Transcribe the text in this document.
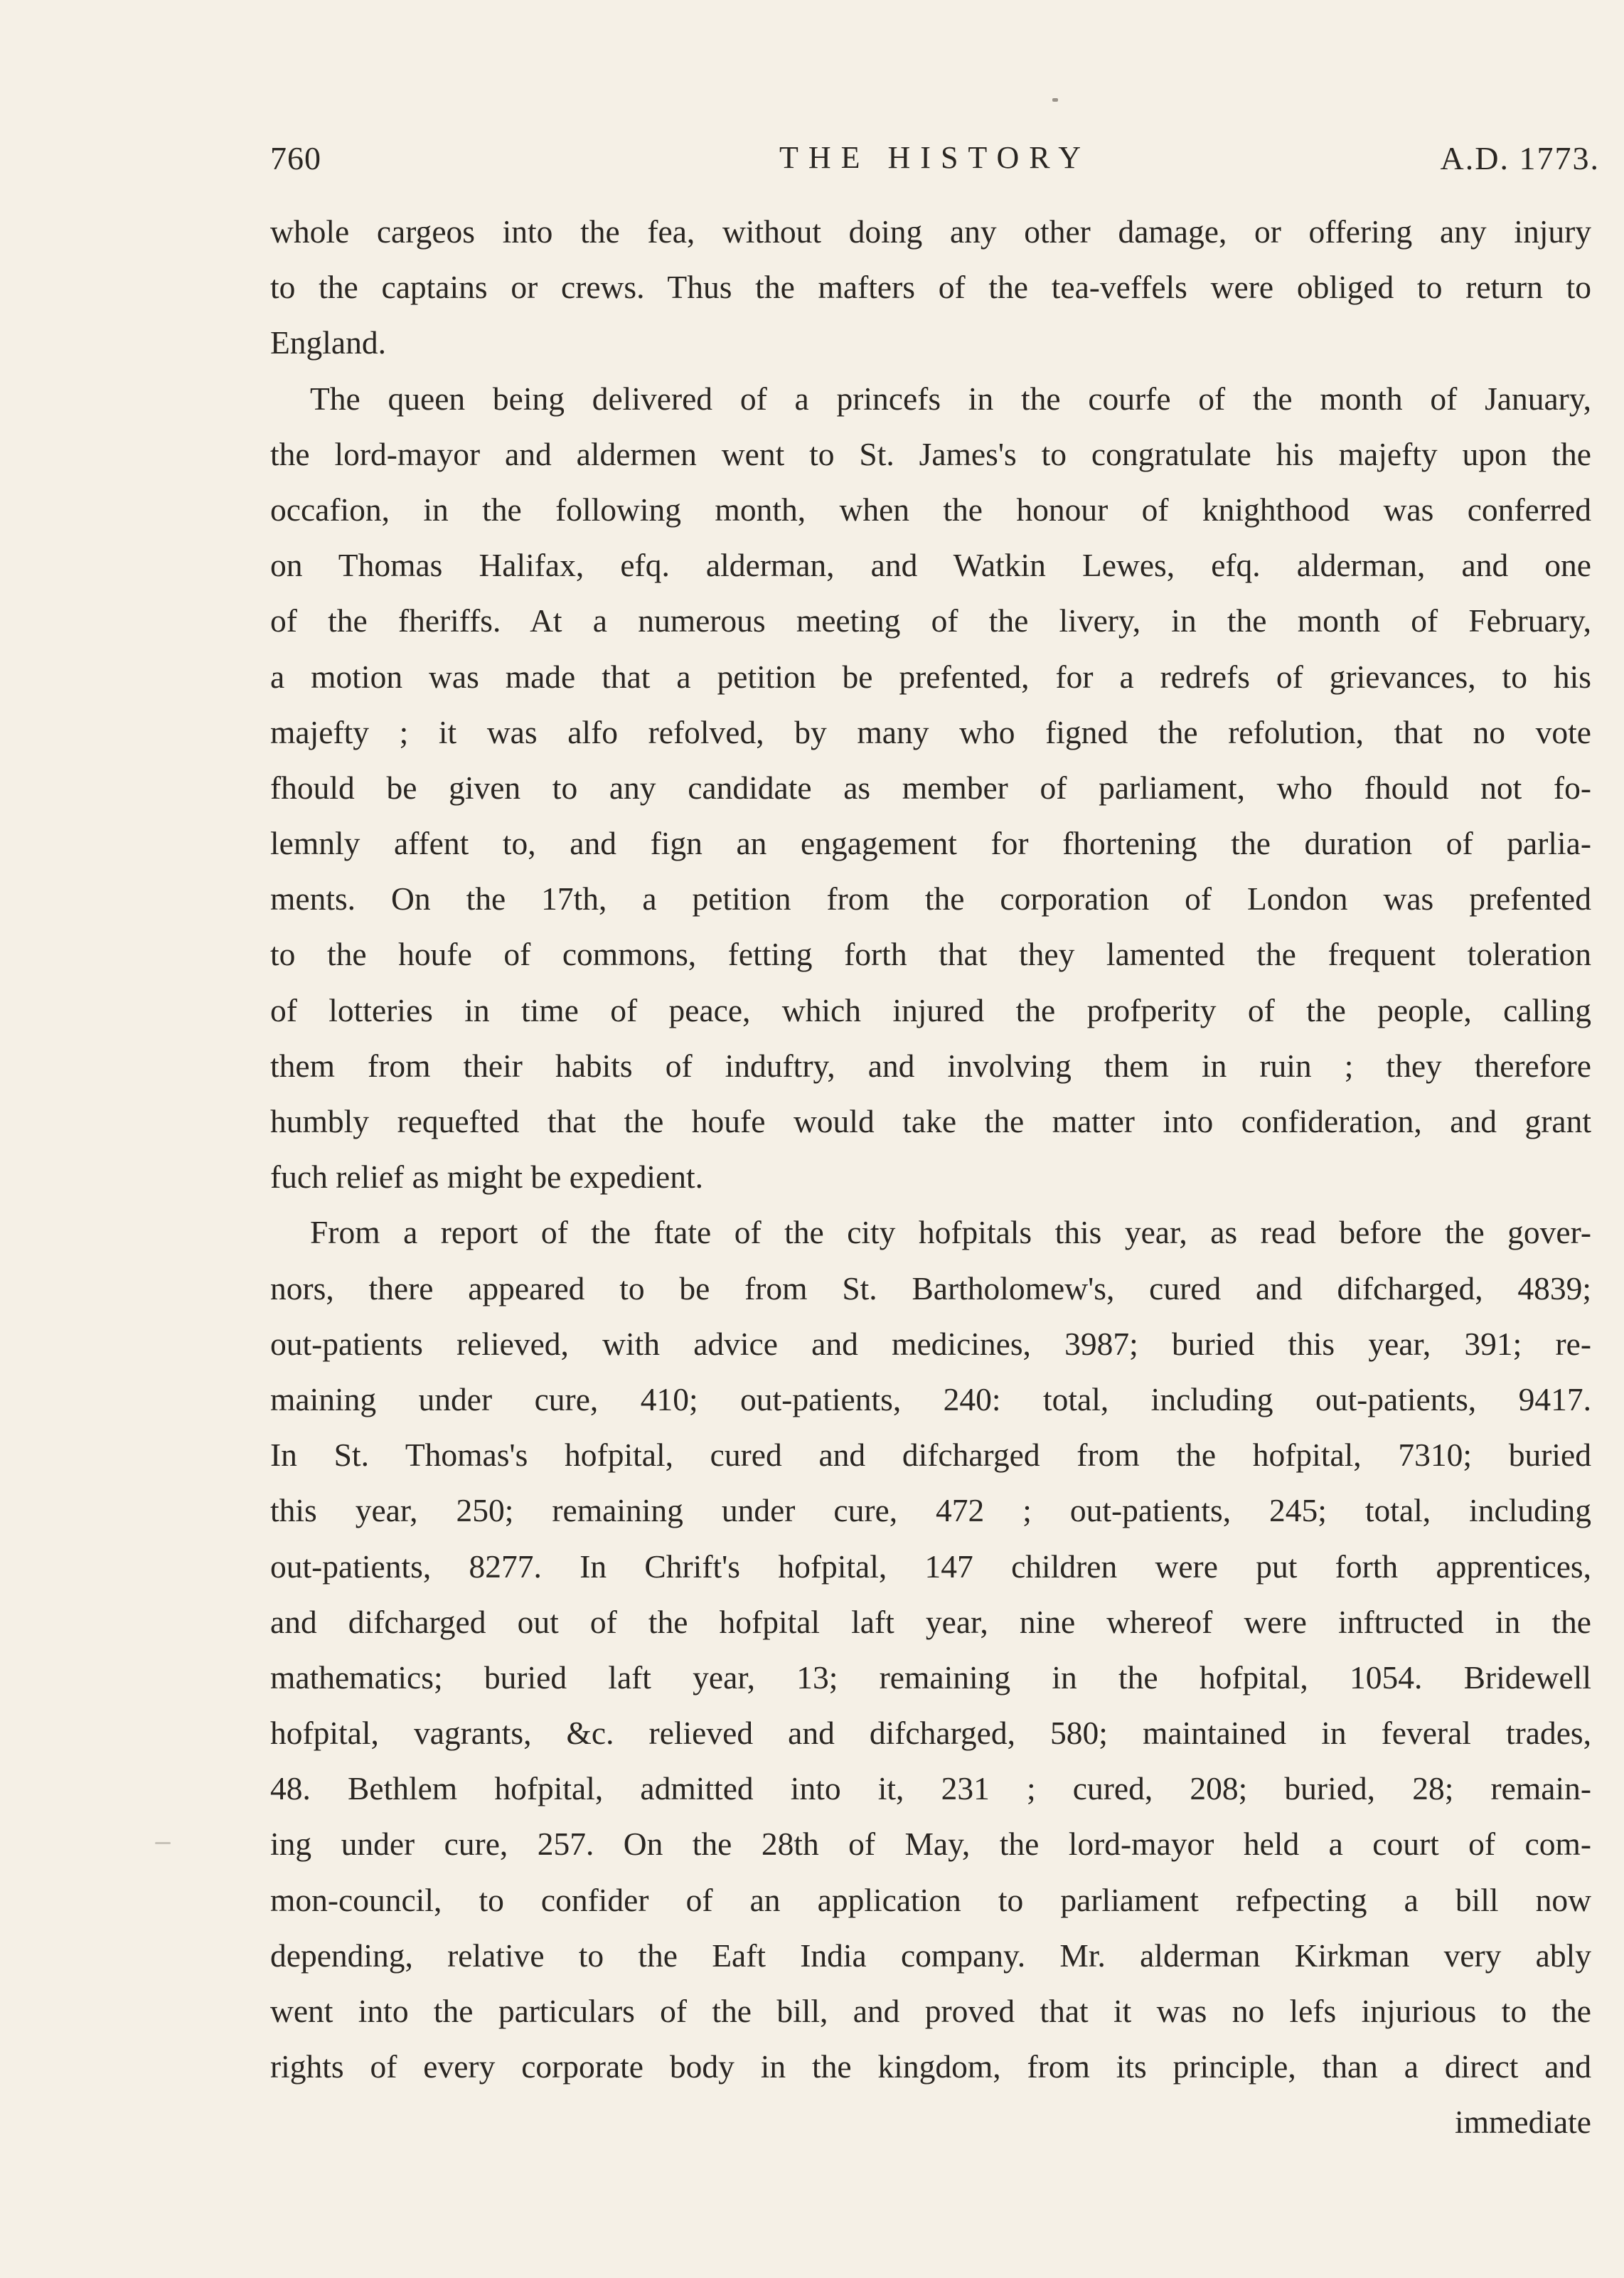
760	THE HISTORY	A.D. 1773.
whole cargeos into the fea, without doing any other damage, or offering any injury
to the captains or crews. Thus the mafters of the tea-veffels were obliged to return to
England.
The queen being delivered of a princefs in the courfe of the month of January,
the lord-mayor and aldermen went to St. James's to congratulate his majefty upon the
occafion, in the following month, when the honour of knighthood was conferred
on Thomas Halifax, efq. alderman, and Watkin Lewes, efq. alderman, and one
of the fheriffs. At a numerous meeting of the livery, in the month of February,
a motion was made that a petition be prefented, for a redrefs of grievances, to his
majefty ; it was alfo refolved, by many who figned the refolution, that no vote
fhould be given to any candidate as member of parliament, who fhould not fo-
lemnly affent to, and fign an engagement for fhortening the duration of parlia-
ments. On the 17th, a petition from the corporation of London was prefented
to the houfe of commons, fetting forth that they lamented the frequent toleration
of lotteries in time of peace, which injured the profperity of the people, calling
them from their habits of induftry, and involving them in ruin ; they therefore
humbly requefted that the houfe would take the matter into confideration, and grant
fuch relief as might be expedient.
From a report of the ftate of the city hofpitals this year, as read before the gover-
nors, there appeared to be from St. Bartholomew's, cured and difcharged, 4839;
out-patients relieved, with advice and medicines, 3987; buried this year, 391; re-
maining under cure, 410; out-patients, 240: total, including out-patients, 9417.
In St. Thomas's hofpital, cured and difcharged from the hofpital, 7310; buried
this year, 250; remaining under cure, 472 ; out-patients, 245; total, including
out-patients, 8277. In Chrift's hofpital, 147 children were put forth apprentices,
and difcharged out of the hofpital laft year, nine whereof were inftructed in the
mathematics; buried laft year, 13; remaining in the hofpital, 1054. Bridewell
hofpital, vagrants, &c. relieved and difcharged, 580; maintained in feveral trades,
48. Bethlem hofpital, admitted into it, 231 ; cured, 208; buried, 28; remain-
ing under cure, 257. On the 28th of May, the lord-mayor held a court of com-
mon-council, to confider of an application to parliament refpecting a bill now
depending, relative to the Eaft India company. Mr. alderman Kirkman very ably
went into the particulars of the bill, and proved that it was no lefs injurious to the
rights of every corporate body in the kingdom, from its principle, than a direct and
immediate
